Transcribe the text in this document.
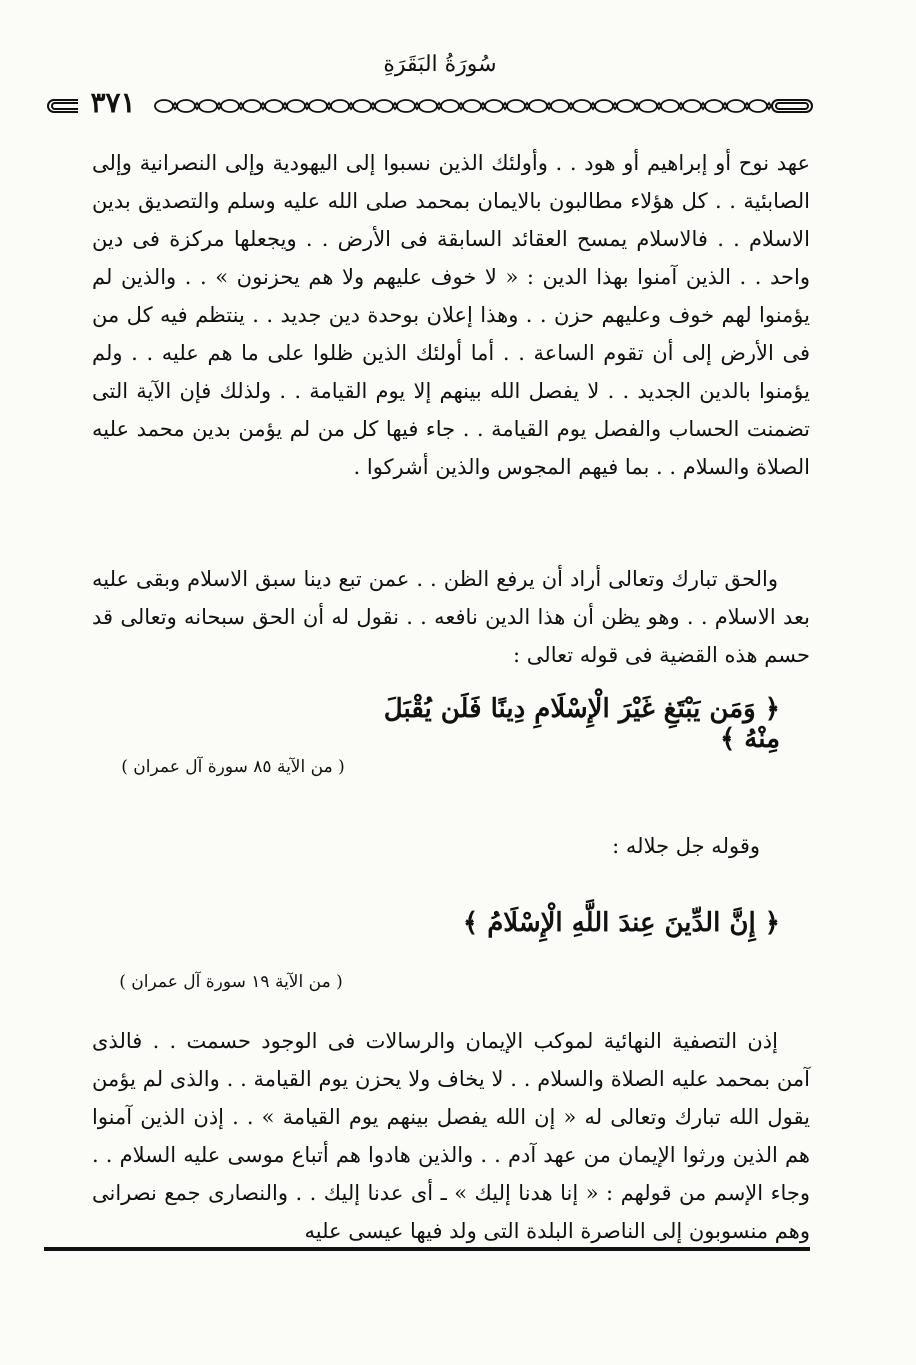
سُورَةُ البَقَرَةِ
٣٧١
عهد نوح أو إبراهيم أو هود . . وأولئك الذين نسبوا إلى اليهودية وإلى النصرانية وإلى الصابئية . . كل هؤلاء مطالبون بالايمان بمحمد صلى الله عليه وسلم والتصديق بدين الاسلام . . فالاسلام يمسح العقائد السابقة فى الأرض . . ويجعلها مركزة فى دين واحد . . الذين آمنوا بهذا الدين : « لا خوف عليهم ولا هم يحزنون » . . والذين لم يؤمنوا لهم خوف وعليهم حزن . . وهذا إعلان بوحدة دين جديد . . ينتظم فيه كل من فى الأرض إلى أن تقوم الساعة . . أما أولئك الذين ظلوا على ما هم عليه . . ولم يؤمنوا بالدين الجديد . . لا يفصل الله بينهم إلا يوم القيامة . . ولذلك فإن الآية التى تضمنت الحساب والفصل يوم القيامة . . جاء فيها كل من لم يؤمن بدين محمد عليه الصلاة والسلام . . بما فيهم المجوس والذين أشركوا .
والحق تبارك وتعالى أراد أن يرفع الظن . . عمن تبع دينا سبق الاسلام وبقى عليه بعد الاسلام . . وهو يظن أن هذا الدين نافعه . . نقول له أن الحق سبحانه وتعالى قد حسم هذه القضية فى قوله تعالى :
﴿ وَمَن يَبْتَغِ غَيْرَ الْإِسْلَامِ دِينًا فَلَن يُقْبَلَ مِنْهُ ﴾
( من الآية ٨٥ سورة آل عمران )
وقوله جل جلاله :
﴿ إِنَّ الدِّينَ عِندَ اللَّهِ الْإِسْلَامُ ﴾
( من الآية ١٩ سورة آل عمران )
إذن التصفية النهائية لموكب الإيمان والرسالات فى الوجود حسمت . . فالذى آمن بمحمد عليه الصلاة والسلام . . لا يخاف ولا يحزن يوم القيامة . . والذى لم يؤمن يقول الله تبارك وتعالى له « إن الله يفصل بينهم يوم القيامة » . . إذن الذين آمنوا هم الذين ورثوا الإيمان من عهد آدم . . والذين هادوا هم أتباع موسى عليه السلام . . وجاء الإسم من قولهم : « إنا هدنا إليك » ـ أى عدنا إليك . . والنصارى جمع نصرانى وهم منسوبون إلى الناصرة البلدة التى ولد فيها عيسى عليه
